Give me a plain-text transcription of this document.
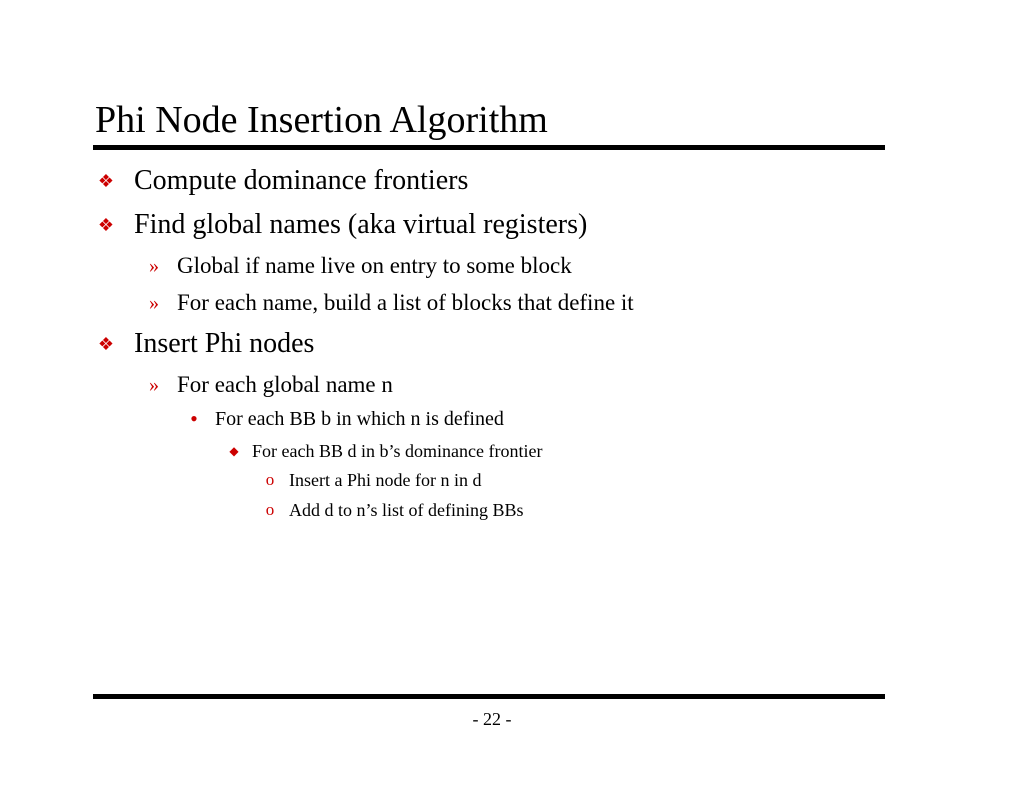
Phi Node Insertion Algorithm
❖ Compute dominance frontiers
❖ Find global names (aka virtual registers)
» Global if name live on entry to some block
» For each name, build a list of blocks that define it
❖ Insert Phi nodes
» For each global name n
• For each BB b in which n is defined
◆ For each BB d in b’s dominance frontier
o Insert a Phi node for n in d
o Add d to n’s list of defining BBs
- 22 -
